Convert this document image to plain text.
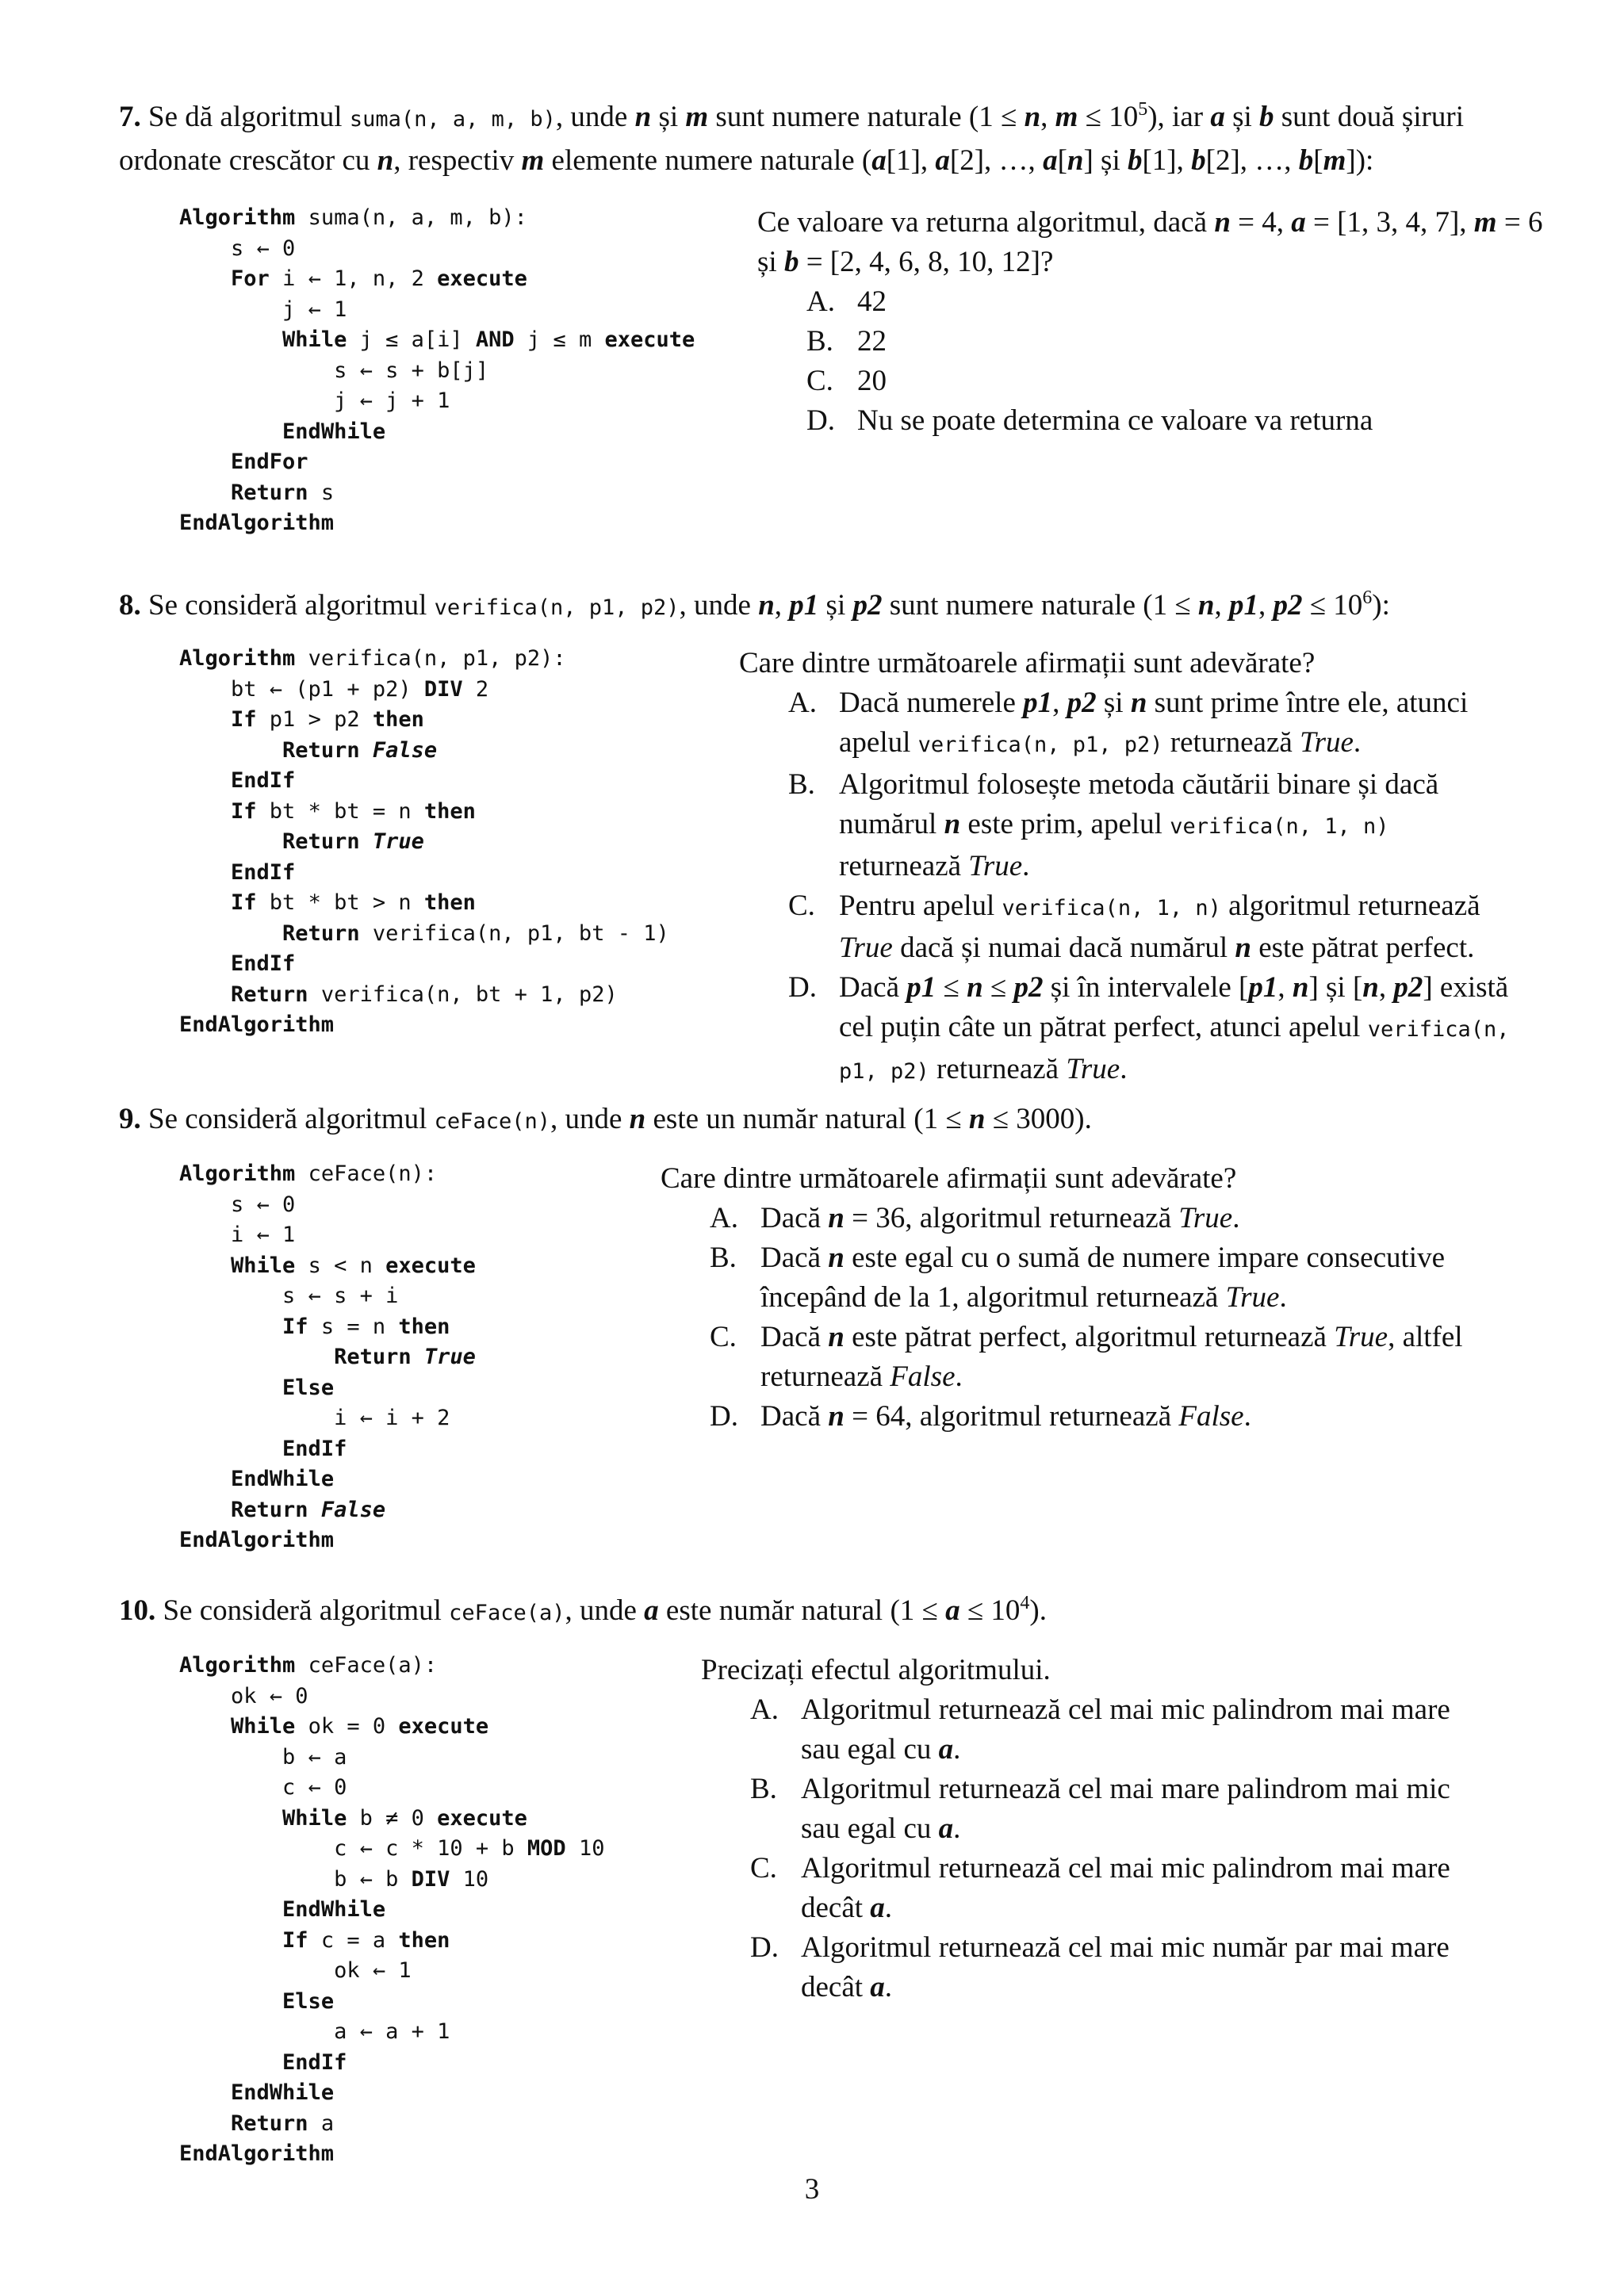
7. Se dă algoritmul suma(n, a, m, b), unde n și m sunt numere naturale (1 ≤ n, $m \le 10^5$), iar a și b sunt două șiruri ordonate crescător cu n, respectiv m elemente numere naturale (a[1], a[2], …, a[n] și b[1], b[2], …, b[m]):
Algorithm suma(n, a, m, b):
s ← 0
For i ← 1, n, 2 execute
j ← 1
While j ≤ a[i] AND j ≤ m execute
s ← s + b[j]
j ← j + 1
EndWhile
EndFor
Return s
EndAlgorithm
Ce valoare va returna algoritmul, dacă n = 4, a = [1, 3, 4, 7], m = 6 și b = [2, 4, 6, 8, 10, 12]?
A. 42
B. 22
C. 20
D. Nu se poate determina ce valoare va returna
8. Se consideră algoritmul verifica(n, p1, p2), unde n, p1 și p2 sunt numere naturale (1 ≤ n, p1, $p2 \le 10^6$):
Algorithm verifica(n, p1, p2):
bt ← (p1 + p2) DIV 2
If p1 > p2 then
Return False
EndIf
If bt * bt = n then
Return True
EndIf
If bt * bt > n then
Return verifica(n, p1, bt - 1)
EndIf
Return verifica(n, bt + 1, p2)
EndAlgorithm
Care dintre următoarele afirmații sunt adevărate?
A. Dacă numerele p1, p2 și n sunt prime între ele, atunci apelul verifica(n, p1, p2) returnează True.
B. Algoritmul folosește metoda căutării binare și dacă numărul n este prim, apelul verifica(n, 1, n)
returnează True.
C. Pentru apelul verifica(n, 1, n) algoritmul returnează
True dacă și numai dacă numărul n este pătrat perfect.
D. Dacă p1 ≤ n ≤ p2 și în intervalele [p1, n] și [n, p2] există cel puțin câte un pătrat perfect, atunci apelul verifica(n, p1, p2) returnează True.
9. Se consideră algoritmul ceFace(n), unde n este un număr natural (1 ≤ n ≤ 3000).
Algorithm ceFace(n):
s ← 0
i ← 1
While s < n execute
s ← s + i
If s = n then
Return True
Else
i ← i + 2
EndIf
EndWhile
Return False
EndAlgorithm
Care dintre următoarele afirmații sunt adevărate?
A. Dacă n = 36, algoritmul returnează True.
B. Dacă n este egal cu o sumă de numere impare consecutive începând de la 1, algoritmul returnează True.
C. Dacă n este pătrat perfect, algoritmul returnează True, altfel returnează False.
D. Dacă n = 64, algoritmul returnează False.
10. Se consideră algoritmul ceFace(a), unde a este număr natural $(1 \le a \le 10^4)$.
Algorithm ceFace(a):
ok ← 0
While ok = 0 execute
b ← a
c ← 0
While b ≠ 0 execute
c ← c * 10 + b MOD 10
b ← b DIV 10
EndWhile
If c = a then
ok ← 1
Else
a ← a + 1
EndIf
EndWhile
Return a
EndAlgorithm
Precizați efectul algoritmului.
A. Algoritmul returnează cel mai mic palindrom mai mare sau egal cu a.
B. Algoritmul returnează cel mai mare palindrom mai mic sau egal cu a.
C. Algoritmul returnează cel mai mic palindrom mai mare decât a.
D. Algoritmul returnează cel mai mic număr par mai mare decât a.
3
